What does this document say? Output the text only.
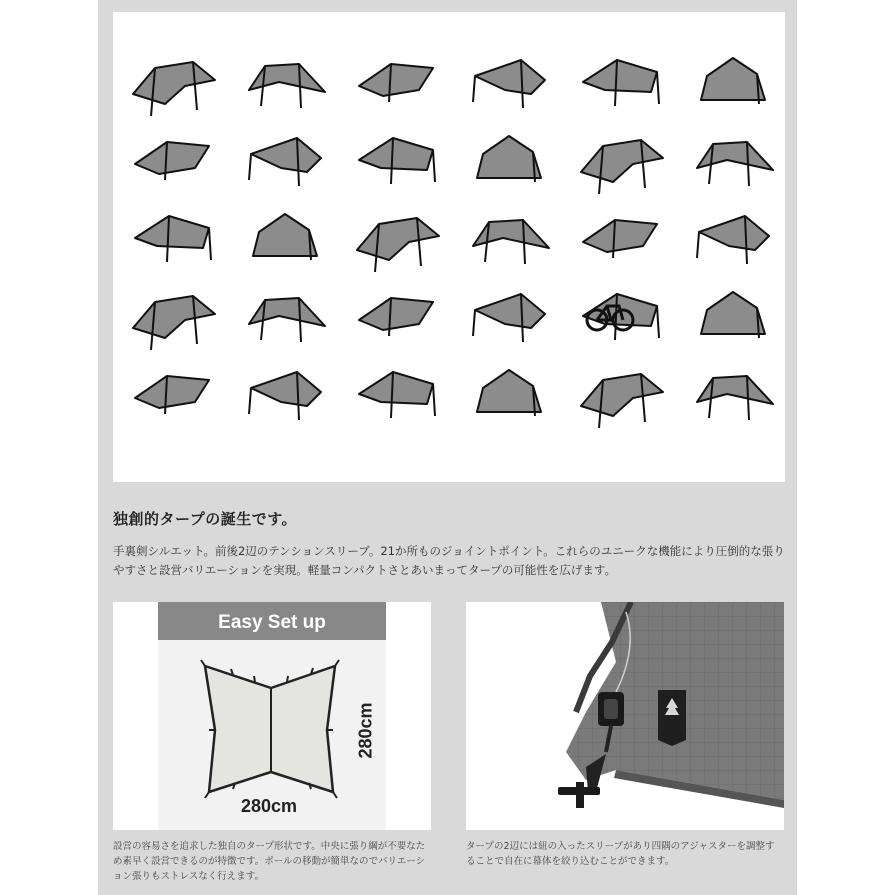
独創的タープの誕生です。
手裏剣シルエット。前後2辺のテンションスリーブ。21か所ものジョイントポイント。これらのユニークな機能により圧倒的な張りやすさと設営バリエーションを実現。軽量コンパクトさとあいまってタープの可能性を広げます。
Easy Set up
280cm
280cm
設営の容易さを追求した独自のタープ形状です。中央に張り綱が不要なため素早く設営できるのが特徴です。ポールの移動が簡単なのでバリエーション張りもストレスなく行えます。
タープの2辺には紐の入ったスリーブがあり四隅のアジャスターを調整することで自在に幕体を絞り込むことができます。
